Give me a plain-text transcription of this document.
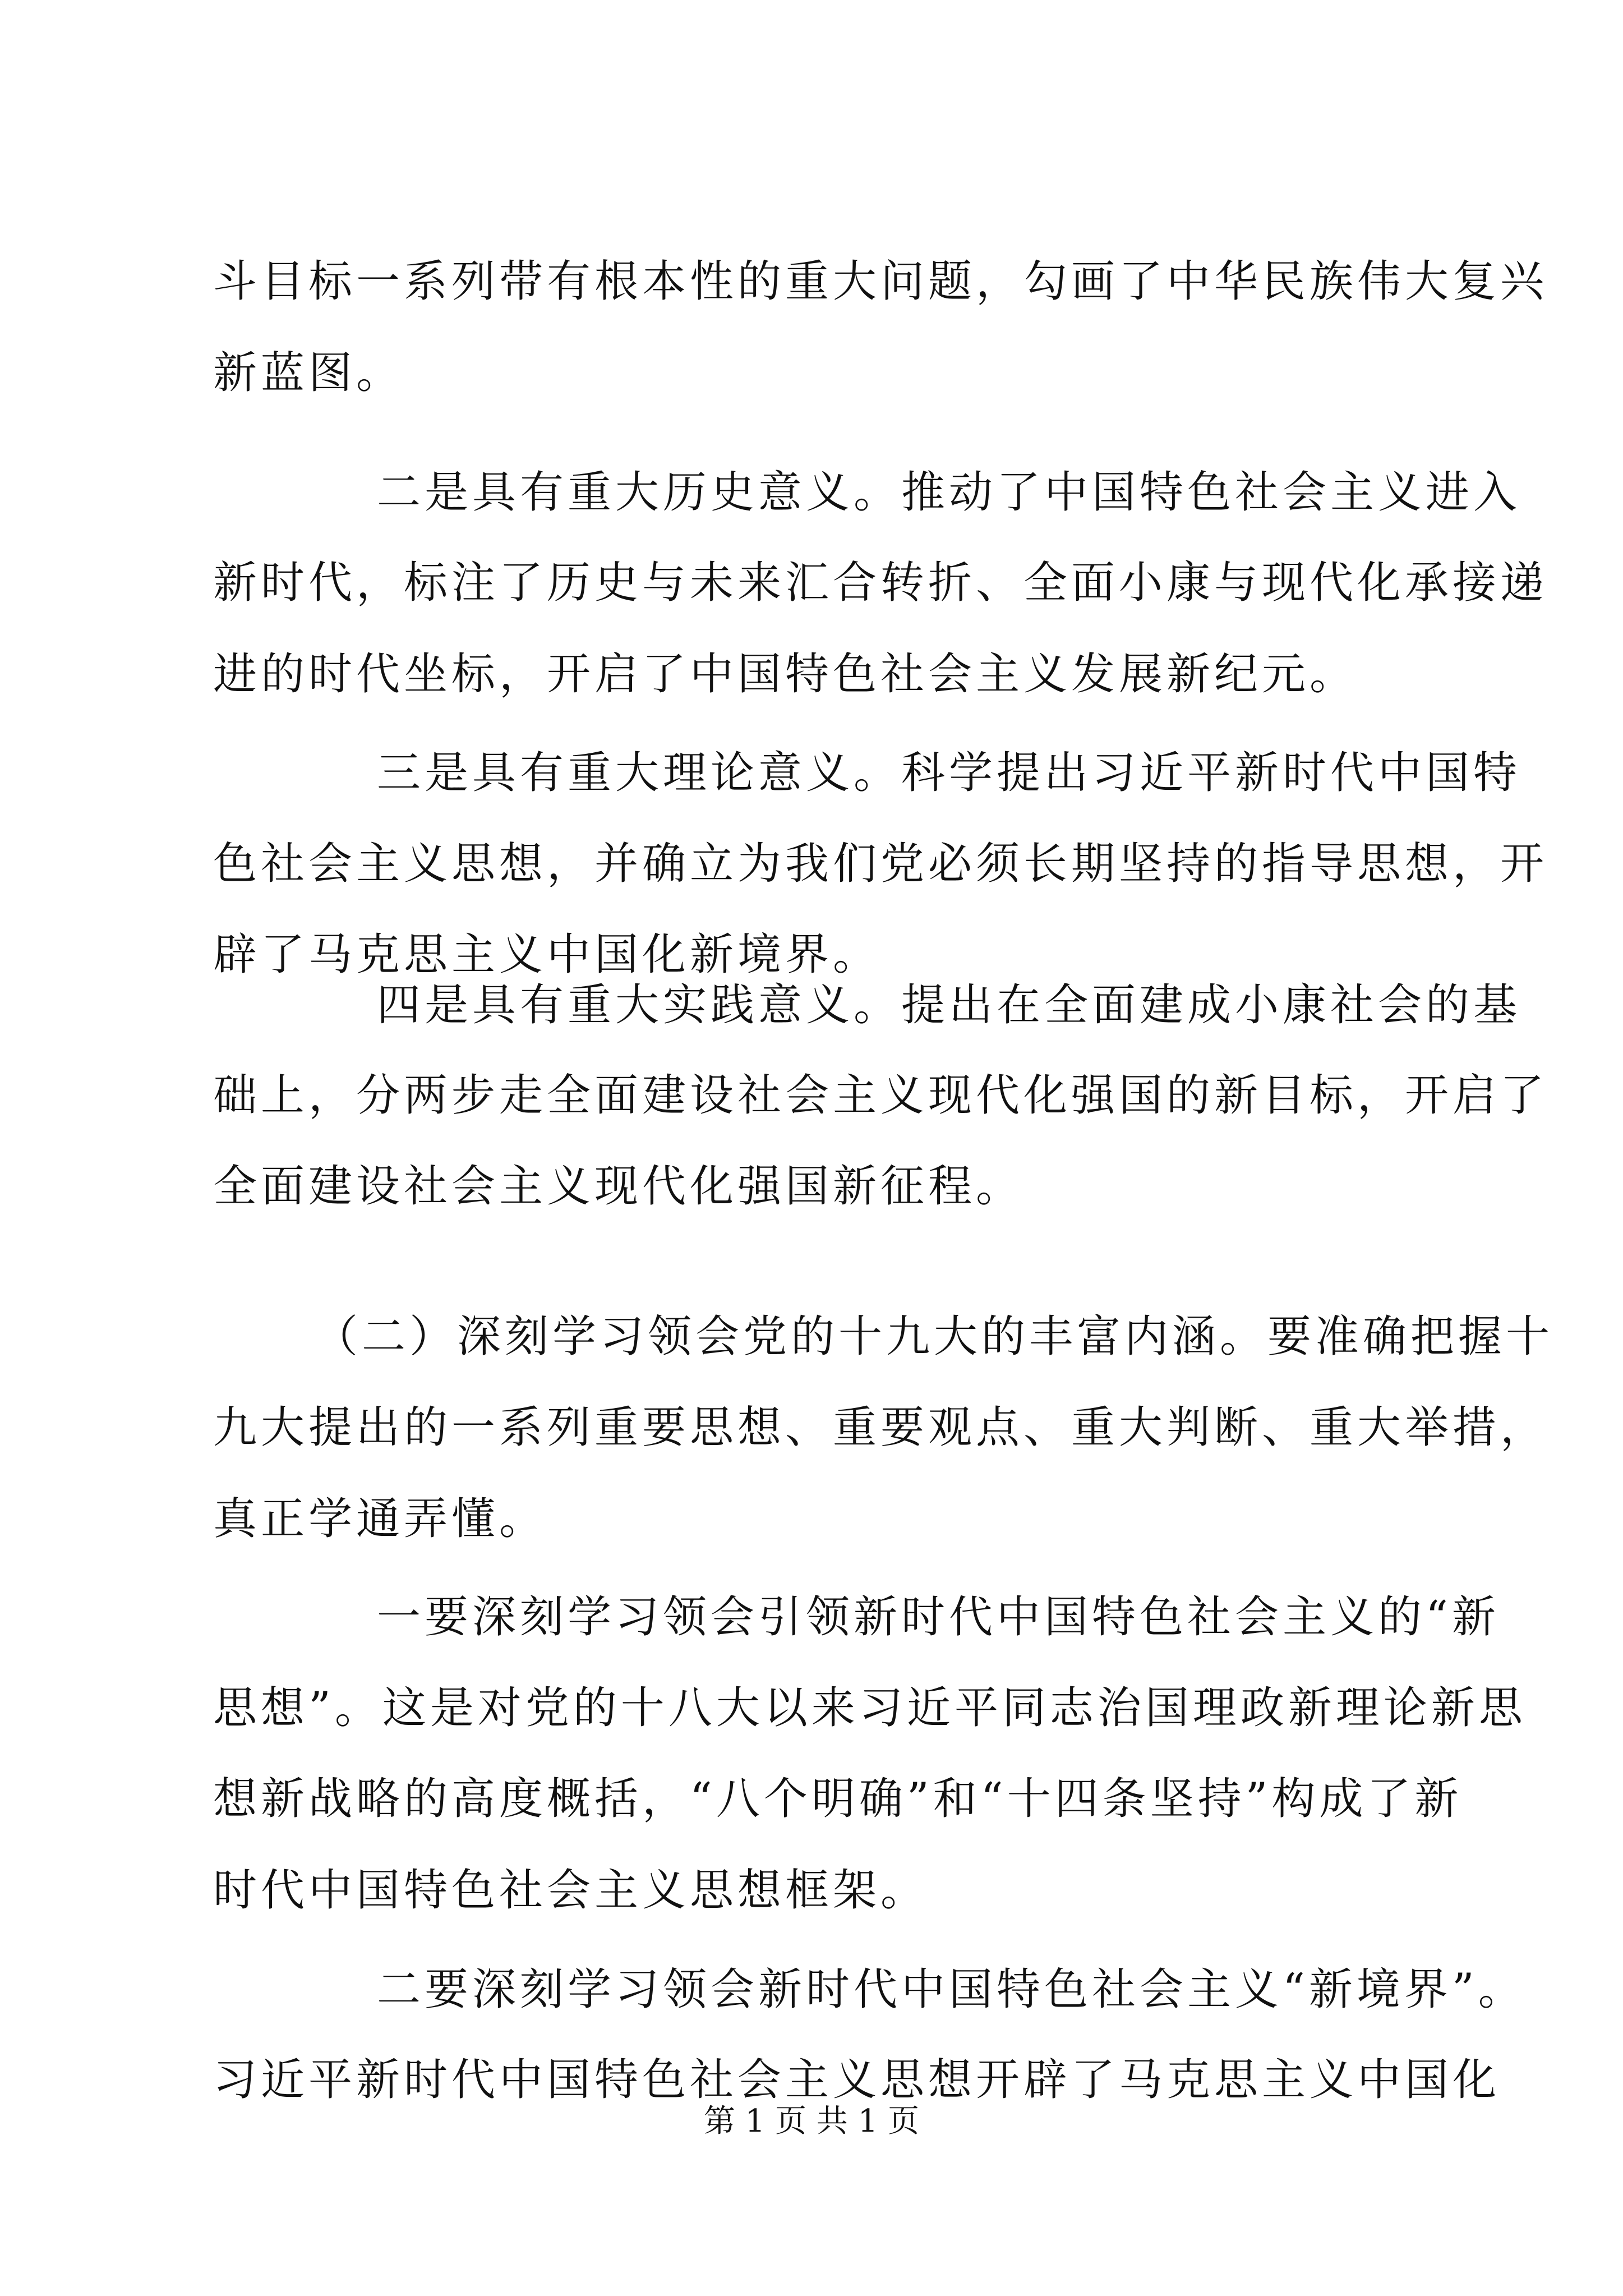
斗目标一系列带有根本性的重大问题，勾画了中华民族伟大复兴
新蓝图。
二是具有重大历史意义。推动了中国特色社会主义进入
新时代，标注了历史与未来汇合转折、全面小康与现代化承接递
进的时代坐标，开启了中国特色社会主义发展新纪元。
三是具有重大理论意义。科学提出习近平新时代中国特
色社会主义思想，并确立为我们党必须长期坚持的指导思想，开
辟了马克思主义中国化新境界。
四是具有重大实践意义。提出在全面建成小康社会的基
础上，分两步走全面建设社会主义现代化强国的新目标，开启了
全面建设社会主义现代化强国新征程。
（二）深刻学习领会党的十九大的丰富内涵。要准确把握十
九大提出的一系列重要思想、重要观点、重大判断、重大举措，
真正学通弄懂。
一要深刻学习领会引领新时代中国特色社会主义的“新
思想”。这是对党的十八大以来习近平同志治国理政新理论新思
想新战略的高度概括，“八个明确”和“十四条坚持”构成了新
时代中国特色社会主义思想框架。
二要深刻学习领会新时代中国特色社会主义“新境界”。
习近平新时代中国特色社会主义思想开辟了马克思主义中国化
第 1 页 共 1 页
